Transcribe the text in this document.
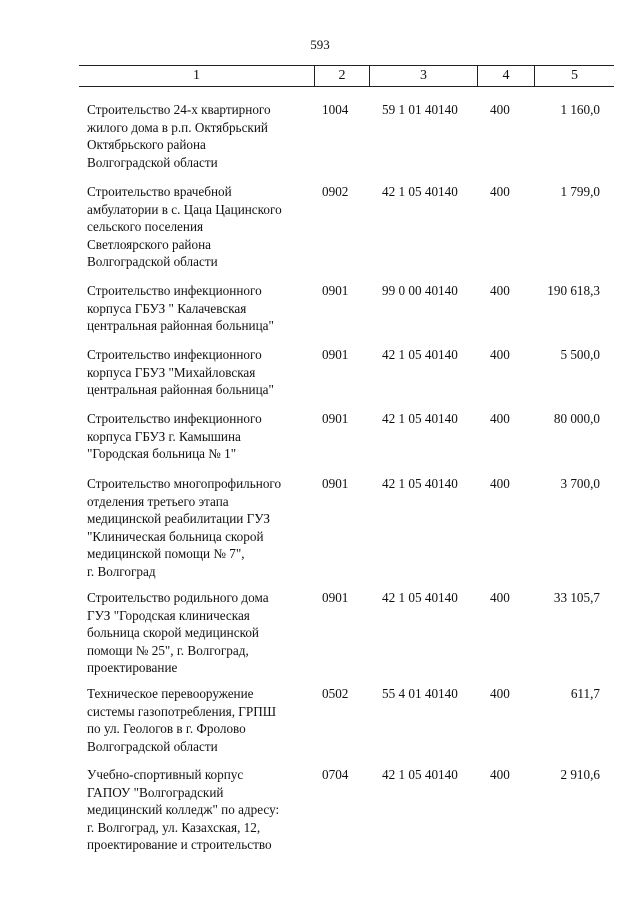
593
1	2	3	4	5
Строительство 24-х квартирного
жилого дома в р.п. Октябрьский
Октябрьского района
Волгоградской области
1004	59 1 01 40140	400	1 160,0
Строительство врачебной
амбулатории в с. Цаца Цацинского
сельского поселения
Светлоярского района
Волгоградской области
0902	42 1 05 40140	400	1 799,0
Строительство инфекционного
корпуса ГБУЗ " Калачевская
центральная районная больница"
0901	99 0 00 40140	400	190 618,3
Строительство инфекционного
корпуса ГБУЗ "Михайловская
центральная районная больница"
0901	42 1 05 40140	400	5 500,0
Строительство инфекционного
корпуса ГБУЗ г. Камышина
"Городская больница № 1"
0901	42 1 05 40140	400	80 000,0
Строительство многопрофильного
отделения третьего этапа
медицинской реабилитации ГУЗ
"Клиническая больница скорой
медицинской помощи № 7",
г. Волгоград
0901	42 1 05 40140	400	3 700,0
Строительство родильного дома
ГУЗ "Городская клиническая
больница скорой медицинской
помощи № 25", г. Волгоград,
проектирование
0901	42 1 05 40140	400	33 105,7
Техническое перевооружение
системы газопотребления, ГРПШ
по ул. Геологов в г. Фролово
Волгоградской области
0502	55 4 01 40140	400	611,7
Учебно-спортивный корпус
ГАПОУ "Волгоградский
медицинский колледж" по адресу:
г. Волгоград, ул. Казахская, 12,
проектирование и строительство
0704	42 1 05 40140	400	2 910,6
